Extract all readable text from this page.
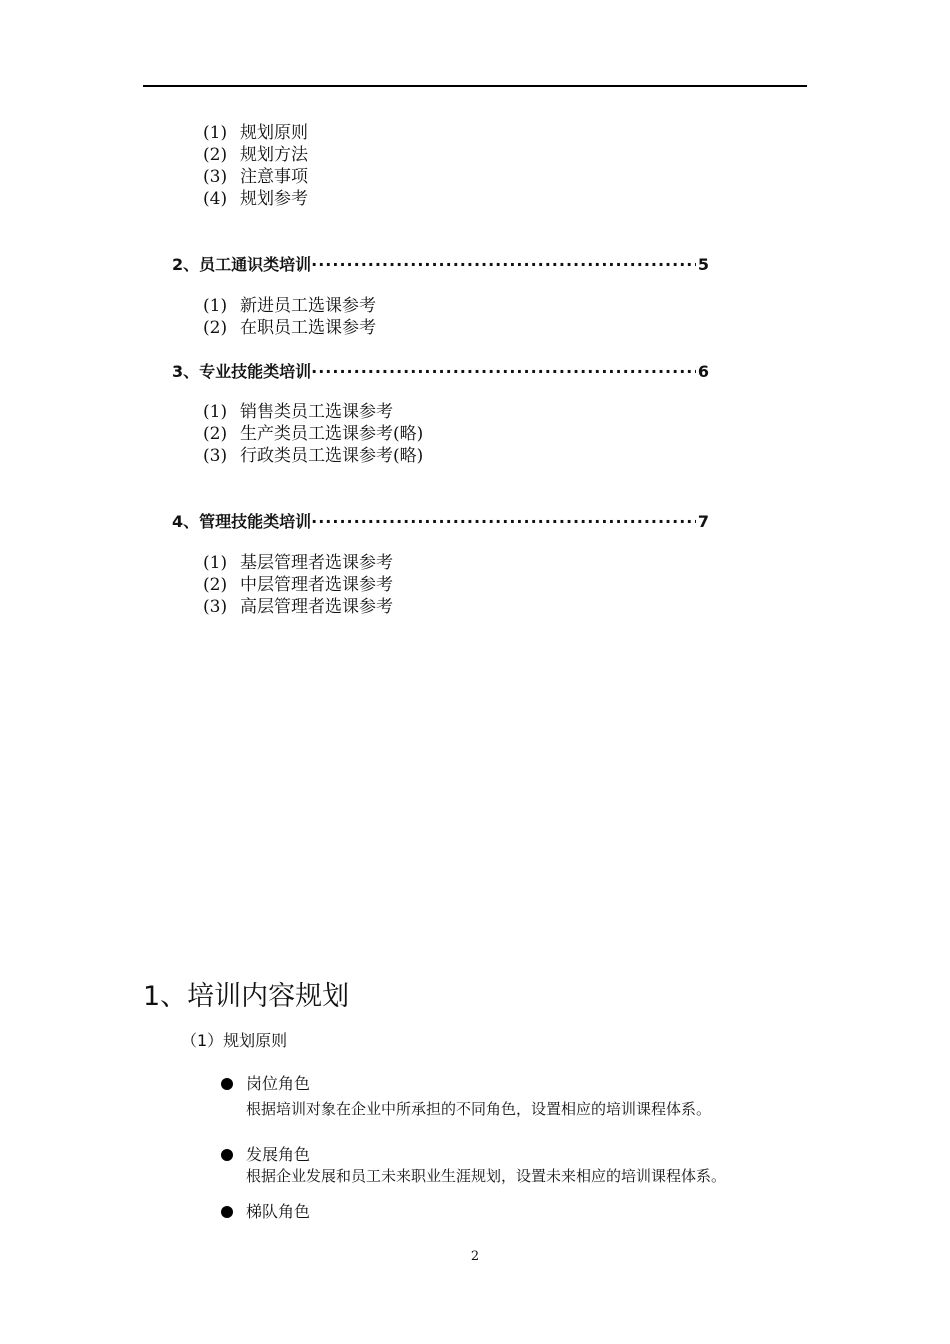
(1) 规划原则
(2) 规划方法
(3) 注意事项
(4) 规划参考
2、员工通识类培训 ·····	5
(1) 新进员工选课参考
(2) 在职员工选课参考
3、专业技能类培训 ·····	6
(1) 销售类员工选课参考
(2) 生产类员工选课参考(略)
(3) 行政类员工选课参考(略)
4、管理技能类培训 ·····	7
(1) 基层管理者选课参考
(2) 中层管理者选课参考
(3) 高层管理者选课参考
1、培训内容规划
（1）规划原则
岗位角色
根据培训对象在企业中所承担的不同角色，设置相应的培训课程体系。
发展角色
根据企业发展和员工未来职业生涯规划，设置未来相应的培训课程体系。
梯队角色
2
